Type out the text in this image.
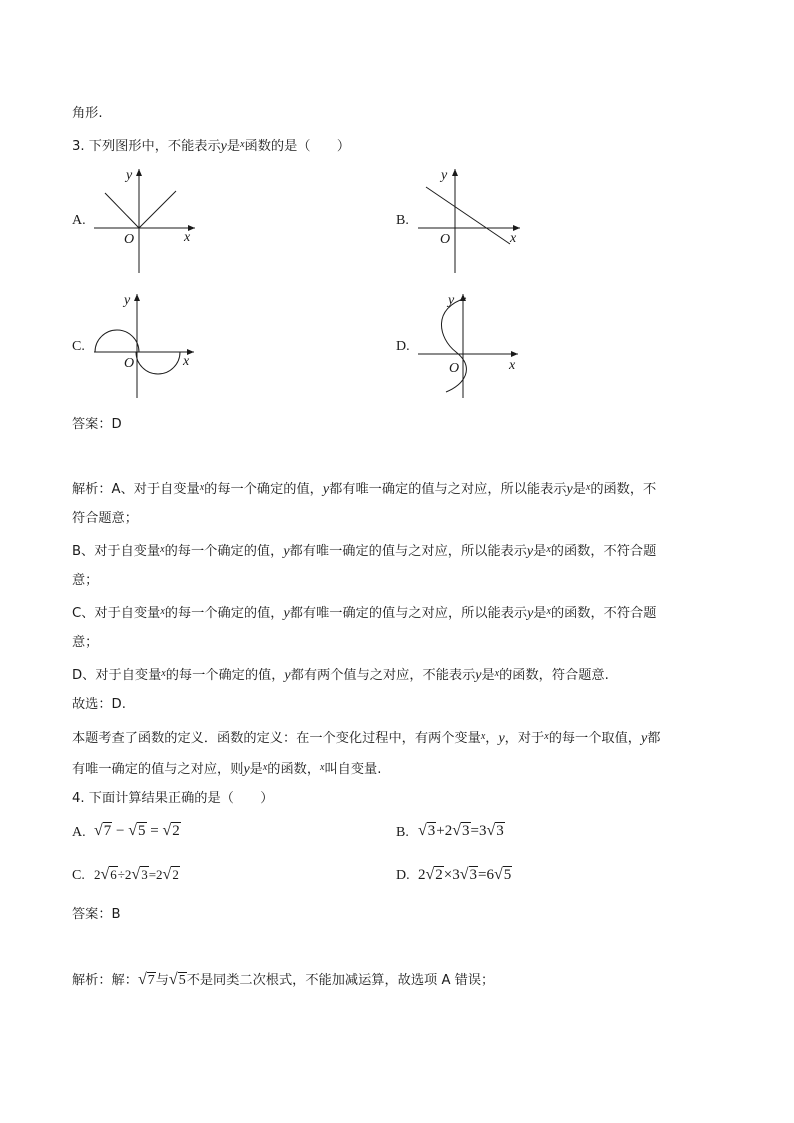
角形.
3. 下列图形中，不能表示y是$^x$函数的是（　　）
A.
y
x
O
B.
y
x
O
C.
y
x
O
D.
y
x
O
答案：D
解析：A、对于自变量$^x$的每一个确定的值，y都有唯一确定的值与之对应，所以能表示y是$^x$的函数，不
符合题意；
B、对于自变量$^x$的每一个确定的值，y都有唯一确定的值与之对应，所以能表示y是$^x$的函数，不符合题
意；
C、对于自变量$^x$的每一个确定的值，y都有唯一确定的值与之对应，所以能表示y是$^x$的函数，不符合题
意；
D、对于自变量$^x$的每一个确定的值，y都有两个值与之对应，不能表示y是$^x$的函数，符合题意.
故选：D.
本题考查了函数的定义．函数的定义：在一个变化过程中，有两个变量$^x$，y，对于$^x$的每一个取值，y都
有唯一确定的值与之对应，则y是$^x$的函数，$^x$叫自变量.
4. 下面计算结果正确的是（　　）
A. √7 − √5 = √2	B. √3+2√3=3√3
C. 2√6÷2√3=2√2	D. 2√2×3√3=6√5
答案：B
解析：解：√7与√5不是同类二次根式，不能加减运算，故选项 A 错误；
